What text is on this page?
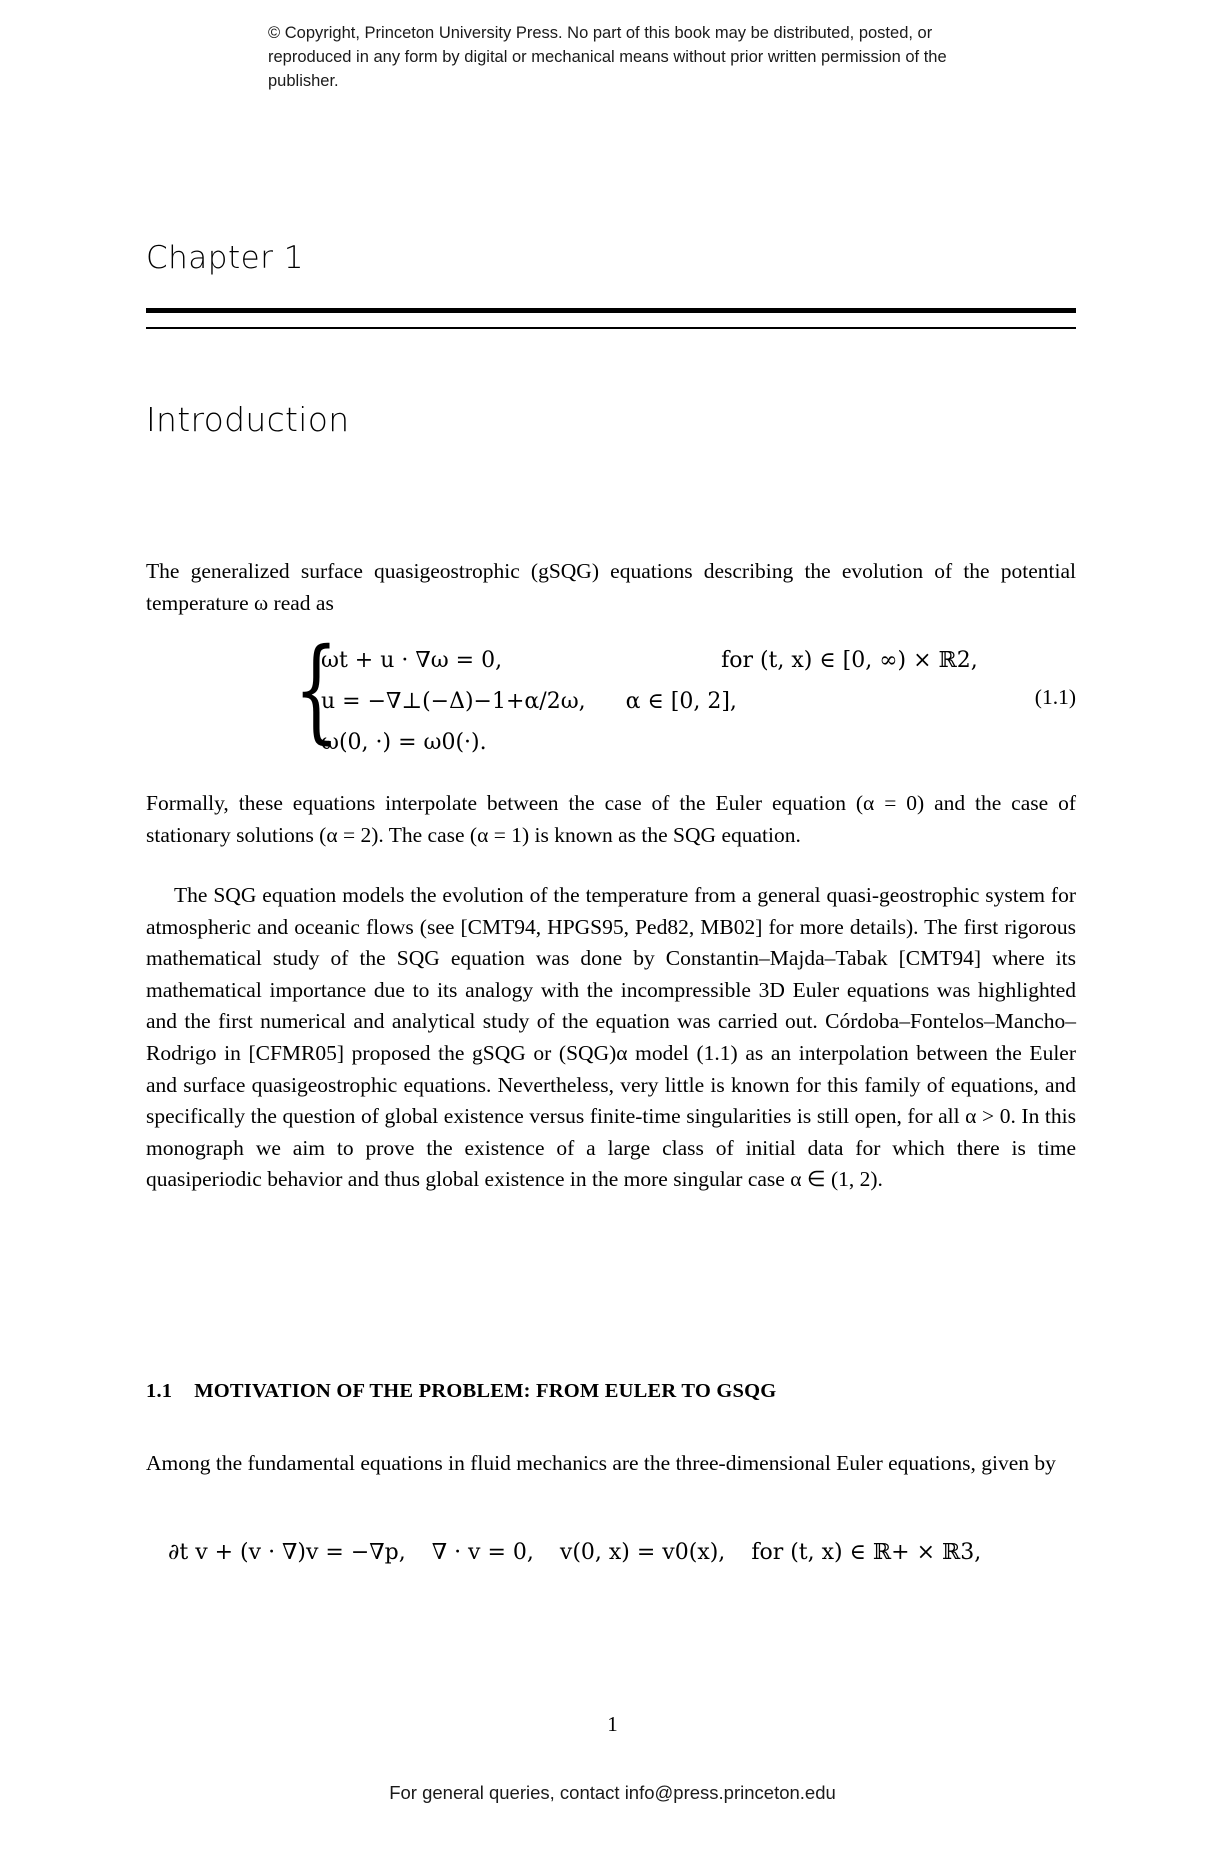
© Copyright, Princeton University Press. No part of this book may be distributed, posted, or reproduced in any form by digital or mechanical means without prior written permission of the publisher.
Chapter 1
Introduction
The generalized surface quasigeostrophic (gSQG) equations describing the evolution of the potential temperature ω read as
{
ωt + u · ∇ω = 0,	for (t, x) ∈ [0, ∞) × ℝ2,
u = −∇⊥(−Δ)−1+α/2ω, α ∈ [0, 2],
ω(0, ·) = ω0(·).
(1.1)
Formally, these equations interpolate between the case of the Euler equation (α = 0) and the case of stationary solutions (α = 2). The case (α = 1) is known as the SQG equation.
The SQG equation models the evolution of the temperature from a general quasi-geostrophic system for atmospheric and oceanic flows (see [CMT94, HPGS95, Ped82, MB02] for more details). The first rigorous mathematical study of the SQG equation was done by Constantin–Majda–Tabak [CMT94] where its mathematical importance due to its analogy with the incompressible 3D Euler equations was highlighted and the first numerical and analytical study of the equation was carried out. Córdoba–Fontelos–Mancho–Rodrigo in [CFMR05] proposed the gSQG or (SQG)α model (1.1) as an interpolation between the Euler and surface quasigeostrophic equations. Nevertheless, very little is known for this family of equations, and specifically the question of global existence versus finite-time singularities is still open, for all α > 0. In this monograph we aim to prove the existence of a large class of initial data for which there is time quasiperiodic behavior and thus global existence in the more singular case α ∈ (1, 2).
1.1 MOTIVATION OF THE PROBLEM: FROM EULER TO GSQG
Among the fundamental equations in fluid mechanics are the three-dimensional Euler equations, given by
∂t v + (v · ∇)v = −∇p, ∇ · v = 0, v(0, x) = v0(x), for (t, x) ∈ ℝ+ × ℝ3,
1
For general queries, contact info@press.princeton.edu
